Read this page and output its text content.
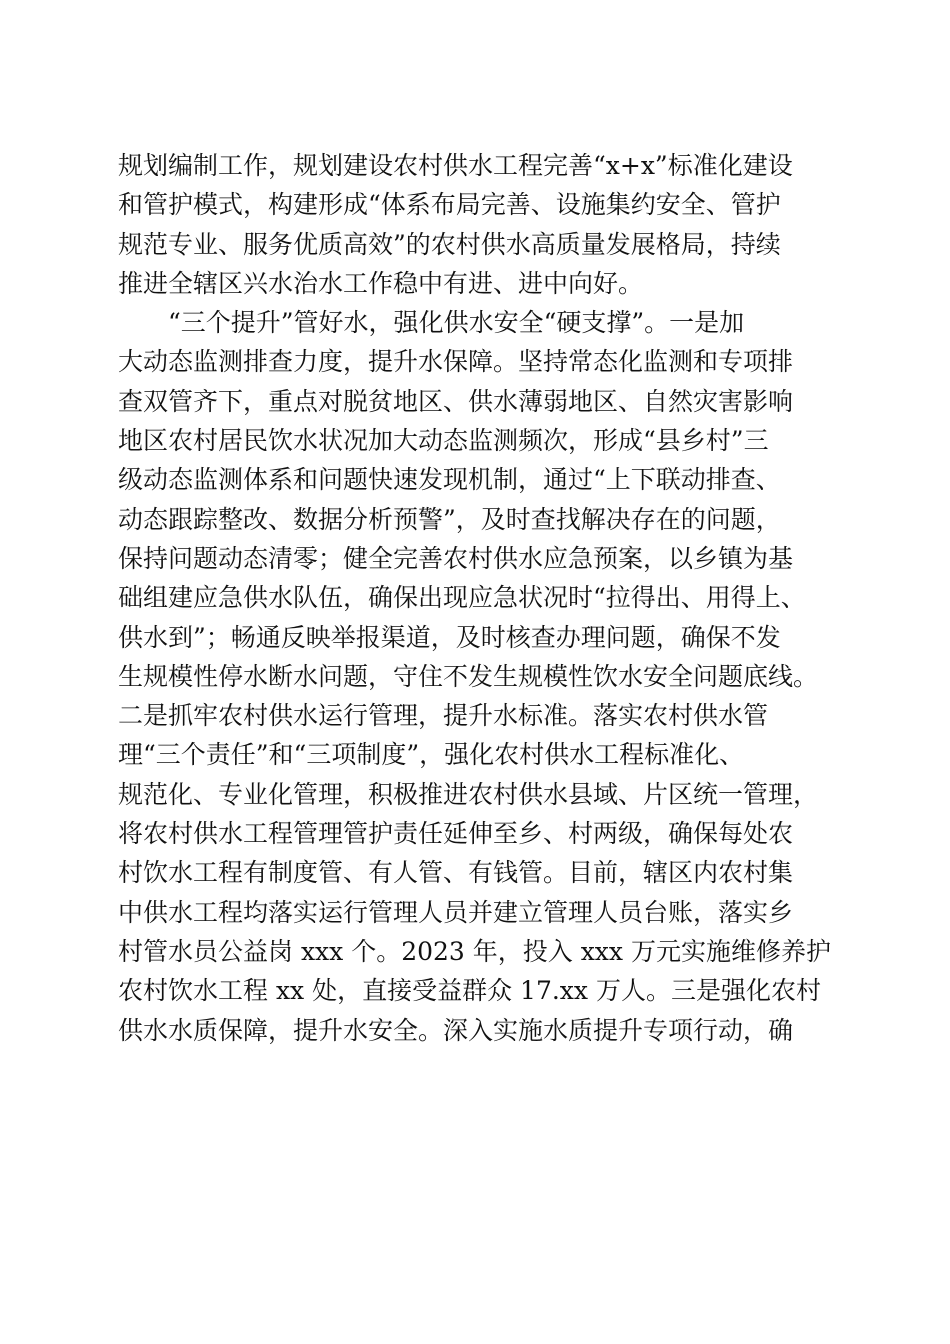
规划编制工作，规划建设农村供水工程完善“x+x”标准化建设
和管护模式，构建形成“体系布局完善、设施集约安全、管护
规范专业、服务优质高效”的农村供水高质量发展格局，持续
推进全辖区兴水治水工作稳中有进、进中向好。
　　“三个提升”管好水，强化供水安全“硬支撑”。一是加
大动态监测排查力度，提升水保障。坚持常态化监测和专项排
查双管齐下，重点对脱贫地区、供水薄弱地区、自然灾害影响
地区农村居民饮水状况加大动态监测频次，形成“县乡村”三
级动态监测体系和问题快速发现机制，通过“上下联动排查、
动态跟踪整改、数据分析预警”，及时查找解决存在的问题，
保持问题动态清零；健全完善农村供水应急预案，以乡镇为基
础组建应急供水队伍，确保出现应急状况时“拉得出、用得上、
供水到”；畅通反映举报渠道，及时核查办理问题，确保不发
生规模性停水断水问题，守住不发生规模性饮水安全问题底线。
二是抓牢农村供水运行管理，提升水标准。落实农村供水管
理“三个责任”和“三项制度”，强化农村供水工程标准化、
规范化、专业化管理，积极推进农村供水县域、片区统一管理，
将农村供水工程管理管护责任延伸至乡、村两级，确保每处农
村饮水工程有制度管、有人管、有钱管。目前，辖区内农村集
中供水工程均落实运行管理人员并建立管理人员台账，落实乡
村管水员公益岗 xxx 个。2023 年，投入 xxx 万元实施维修养护
农村饮水工程 xx 处，直接受益群众 17.xx 万人。三是强化农村
供水水质保障，提升水安全。深入实施水质提升专项行动，确
